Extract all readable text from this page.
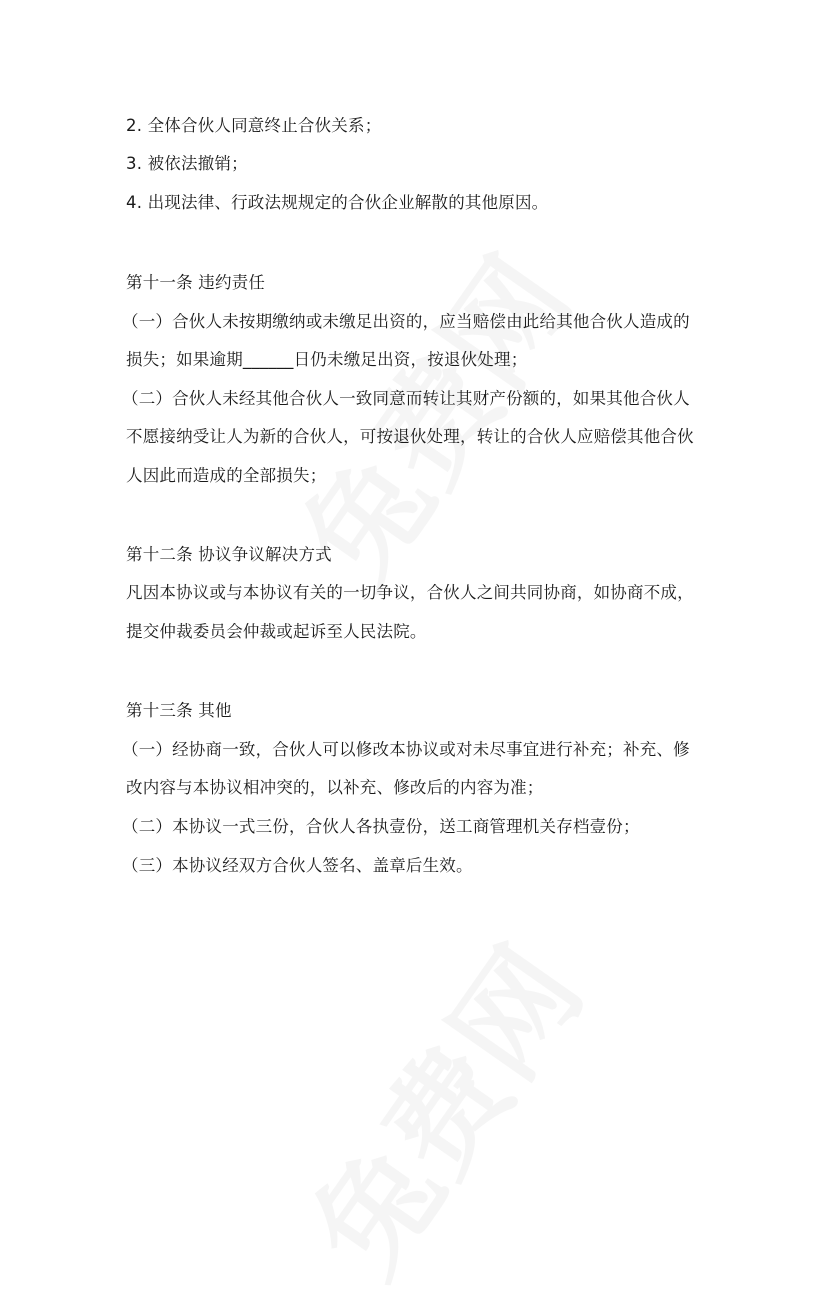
2. 全体合伙人同意终止合伙关系；
3. 被依法撤销；
4. 出现法律、行政法规规定的合伙企业解散的其他原因。
第十一条 违约责任
（一）合伙人未按期缴纳或未缴足出资的，应当赔偿由此给其他合伙人造成的
损失；如果逾期______日仍未缴足出资，按退伙处理；
（二）合伙人未经其他合伙人一致同意而转让其财产份额的，如果其他合伙人
不愿接纳受让人为新的合伙人，可按退伙处理，转让的合伙人应赔偿其他合伙
人因此而造成的全部损失；
第十二条 协议争议解决方式
凡因本协议或与本协议有关的一切争议，合伙人之间共同协商，如协商不成，
提交仲裁委员会仲裁或起诉至人民法院。
第十三条 其他
（一）经协商一致，合伙人可以修改本协议或对未尽事宜进行补充；补充、修
改内容与本协议相冲突的，以补充、修改后的内容为准；
（二）本协议一式三份，合伙人各执壹份，送工商管理机关存档壹份；
（三）本协议经双方合伙人签名、盖章后生效。
